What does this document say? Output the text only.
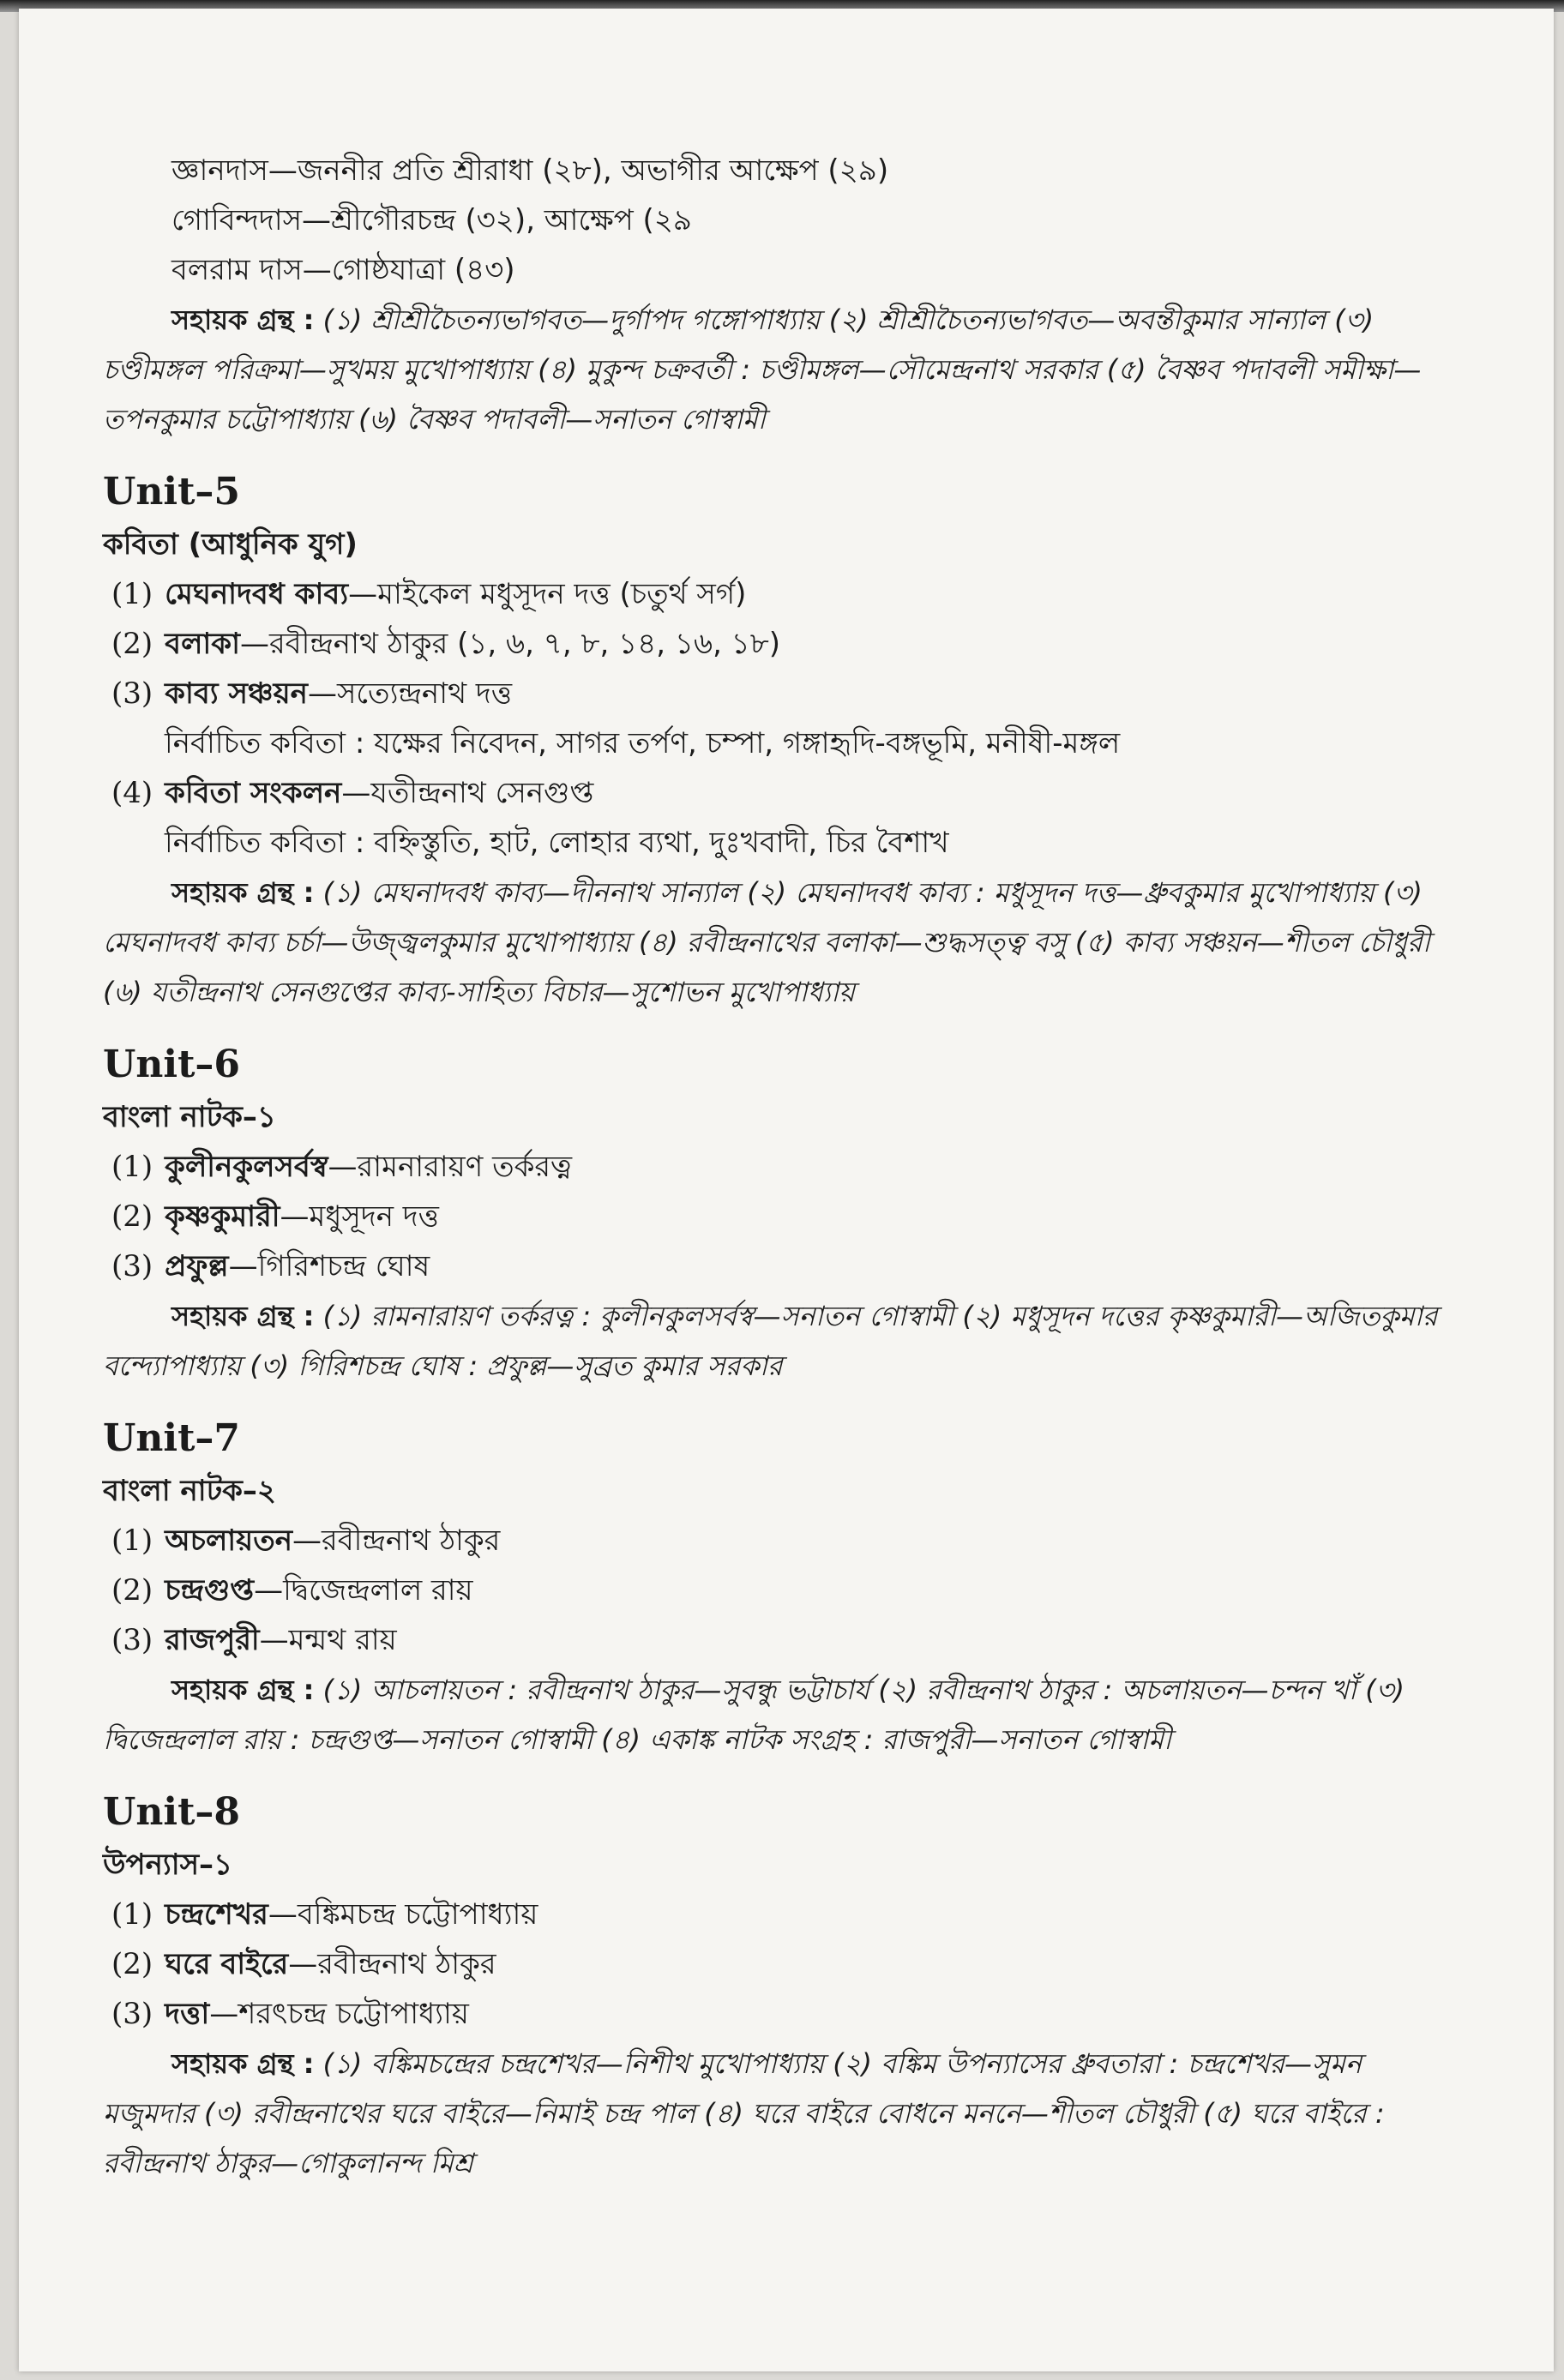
জ্ঞানদাস—জননীর প্রতি শ্রীরাধা (২৮), অভাগীর আক্ষেপ (২৯)
গোবিন্দদাস—শ্রীগৌরচন্দ্র (৩২), আক্ষেপ (২৯
বলরাম দাস—গোষ্ঠযাত্রা (৪৩)
সহায়ক গ্রন্থ : (১) শ্রীশ্রীচৈতন্যভাগবত—দুর্গাপদ গঙ্গোপাধ্যায় (২) শ্রীশ্রীচৈতন্যভাগবত—অবন্তীকুমার সান্যাল (৩) চণ্ডীমঙ্গল পরিক্রমা—সুখময় মুখোপাধ্যায় (৪) মুকুন্দ চক্রবর্তী : চণ্ডীমঙ্গল—সৌমেন্দ্রনাথ সরকার (৫) বৈষ্ণব পদাবলী সমীক্ষা—তপনকুমার চট্টোপাধ্যায় (৬) বৈষ্ণব পদাবলী—সনাতন গোস্বামী
Unit–5
কবিতা (আধুনিক যুগ)
(1) মেঘনাদবধ কাব্য—মাইকেল মধুসূদন দত্ত (চতুর্থ সর্গ)
(2) বলাকা—রবীন্দ্রনাথ ঠাকুর (১, ৬, ৭, ৮, ১৪, ১৬, ১৮)
(3) কাব্য সঞ্চয়ন—সত্যেন্দ্রনাথ দত্ত
নির্বাচিত কবিতা : যক্ষের নিবেদন, সাগর তর্পণ, চম্পা, গঙ্গাহৃদি-বঙ্গভূমি, মনীষী-মঙ্গল
(4) কবিতা সংকলন—যতীন্দ্রনাথ সেনগুপ্ত
নির্বাচিত কবিতা : বহ্নিস্তুতি, হাট, লোহার ব্যথা, দুঃখবাদী, চির বৈশাখ
সহায়ক গ্রন্থ : (১) মেঘনাদবধ কাব্য—দীননাথ সান্যাল (২) মেঘনাদবধ কাব্য : মধুসূদন দত্ত—ধ্রুবকুমার মুখোপাধ্যায় (৩) মেঘনাদবধ কাব্য চর্চা—উজ্জ্বলকুমার মুখোপাধ্যায় (৪) রবীন্দ্রনাথের বলাকা—শুদ্ধসত্ত্ব বসু (৫) কাব্য সঞ্চয়ন—শীতল চৌধুরী (৬) যতীন্দ্রনাথ সেনগুপ্তের কাব্য-সাহিত্য বিচার—সুশোভন মুখোপাধ্যায়
Unit–6
বাংলা নাটক–১
(1) কুলীনকুলসর্বস্ব—রামনারায়ণ তর্করত্ন
(2) কৃষ্ণকুমারী—মধুসূদন দত্ত
(3) প্রফুল্ল—গিরিশচন্দ্র ঘোষ
সহায়ক গ্রন্থ : (১) রামনারায়ণ তর্করত্ন : কুলীনকুলসর্বস্ব—সনাতন গোস্বামী (২) মধুসূদন দত্তের কৃষ্ণকুমারী—অজিতকুমার বন্দ্যোপাধ্যায় (৩) গিরিশচন্দ্র ঘোষ : প্রফুল্ল—সুব্রত কুমার সরকার
Unit–7
বাংলা নাটক–২
(1) অচলায়তন—রবীন্দ্রনাথ ঠাকুর
(2) চন্দ্রগুপ্ত—দ্বিজেন্দ্রলাল রায়
(3) রাজপুরী—মন্মথ রায়
সহায়ক গ্রন্থ : (১) আচলায়তন : রবীন্দ্রনাথ ঠাকুর—সুবন্ধু ভট্টাচার্য (২) রবীন্দ্রনাথ ঠাকুর : অচলায়তন—চন্দন খাঁ (৩) দ্বিজেন্দ্রলাল রায় : চন্দ্রগুপ্ত—সনাতন গোস্বামী (৪) একাঙ্ক নাটক সংগ্রহ : রাজপুরী—সনাতন গোস্বামী
Unit–8
উপন্যাস–১
(1) চন্দ্রশেখর—বঙ্কিমচন্দ্র চট্টোপাধ্যায়
(2) ঘরে বাইরে—রবীন্দ্রনাথ ঠাকুর
(3) দত্তা—শরৎচন্দ্র চট্টোপাধ্যায়
সহায়ক গ্রন্থ : (১) বঙ্কিমচন্দ্রের চন্দ্রশেখর—নিশীথ মুখোপাধ্যায় (২) বঙ্কিম উপন্যাসের ধ্রুবতারা : চন্দ্রশেখর—সুমন মজুমদার (৩) রবীন্দ্রনাথের ঘরে বাইরে—নিমাই চন্দ্র পাল (৪) ঘরে বাইরে বোধনে মননে—শীতল চৌধুরী (৫) ঘরে বাইরে : রবীন্দ্রনাথ ঠাকুর—গোকুলানন্দ মিশ্র
